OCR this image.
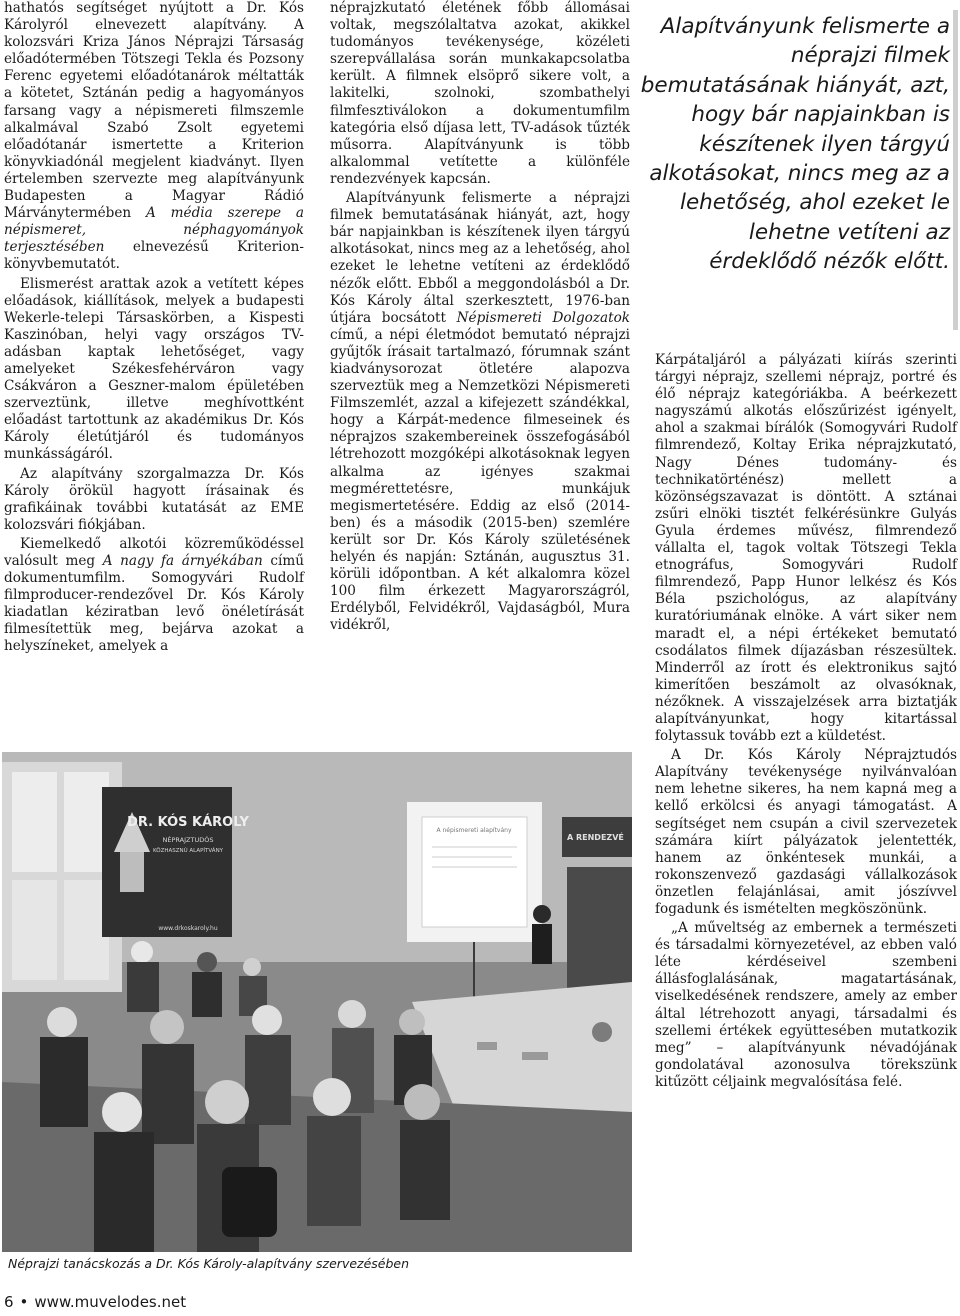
hathatós segítséget nyújtott a Dr. Kós Károlyról elnevezett alapítvány. A kolozsvári Kriza János Néprajzi Társaság előadótermében Tötszegi Tekla és Pozsony Ferenc egyetemi előadótanárok méltatták a kötetet, Sztánán pedig a hagyományos farsang vagy a népismereti filmszemle alkalmával Szabó Zsolt egyetemi előadótanár ismertette a Kriterion könyvkiadónál megjelent kiadványt. Ilyen értelemben szervezte meg alapítványunk Budapesten a Magyar Rádió Márványtermében A média szerepe a népismeret, néphagyományok terjesztésében elnevezésű Kriterion-könyvbemutatót.

Elismerést arattak azok a vetített képes előadások, kiállítások, melyek a budapesti Wekerle-telepi Társaskörben, a Kispesti Kaszinóban, helyi vagy országos TV-adásban kaptak lehetőséget, vagy amelyeket Székesfehérváron vagy Csákváron a Geszner-malom épületében szerveztünk, illetve meghívottként előadást tartottunk az akadémikus Dr. Kós Károly életútjáról és tudományos munkásságáról.

Az alapítvány szorgalmazza Dr. Kós Károly örökül hagyott írásainak és grafikáinak további kutatását az EME kolozsvári fiókjában.

Kiemelkedő alkotói közreműködéssel valósult meg A nagy fa árnyékában című dokumentumfilm. Somogyvári Rudolf filmproducer-rendezővel Dr. Kós Károly kiadatlan kéziratban levő önéletírását filmesítettük meg, bejárva azokat a helyszíneket, amelyek a

néprajzkutató életének főbb állomásai voltak, megszólaltatva azokat, akikkel tudományos tevékenysége, közéleti szerepvállalása során munkakapcsolatba került. A filmnek elsöprő sikere volt, a lakitelki, szolnoki, szombathelyi filmfesztiválokon a dokumentumfilm kategória első díjasa lett, TV-adások tűzték műsorra. Alapítványunk is több alkalommal vetítette a különféle rendezvények kapcsán.

Alapítványunk felismerte a néprajzi filmek bemutatásának hiányát, azt, hogy bár napjainkban is készítenek ilyen tárgyú alkotásokat, nincs meg az a lehetőség, ahol ezeket le lehetne vetíteni az érdeklődő nézők előtt. Ebből a meggondolásból a Dr. Kós Károly által szerkesztett, 1976-ban útjára bocsátott Népismereti Dolgozatok című, a népi életmódot bemutató néprajzi gyűjtők írásait tartalmazó, fórumnak szánt kiadványsorozat ötletére alapozva szerveztük meg a Nemzetközi Népismereti Filmszemlét, azzal a kifejezett szándékkal, hogy a Kárpát-medence filmeseinek és néprajzos szakembereinek összefogásából létrehozott mozgóképi alkotásoknak legyen alkalma az igényes szakmai megmérettetésre, munkájuk megismertetésére. Eddig az első (2014-ben) és a második (2015-ben) szemlére került sor Dr. Kós Károly születésének helyén és napján: Sztánán, augusztus 31. körüli időpontban. A két alkalomra közel 100 film érkezett Magyarországról, Erdélyből, Felvidékről, Vajdaságból, Mura vidékről,

Alapítványunk felismerte a néprajzi filmek bemutatásának hiányát, azt, hogy bár napjainkban is készítenek ilyen tárgyú alkotásokat, nincs meg az a lehetőség, ahol ezeket le lehetne vetíteni az érdeklődő nézők előtt.

Kárpátaljáról a pályázati kiírás szerinti tárgyi néprajz, szellemi néprajz, portré és élő néprajz kategóriákba. A beérkezett nagyszámú alkotás előszűrizést igényelt, ahol a szakmai bírálók (Somogyvári Rudolf filmrendező, Koltay Erika néprajzkutató, Nagy Dénes tudomány- és technikatörténész) mellett a közönségszavazat is döntött. A sztánai zsűri elnöki tisztét felkérésünkre Gulyás Gyula érdemes művész, filmrendező vállalta el, tagok voltak Tötszegi Tekla etnográfus, Somogyvári Rudolf filmrendező, Papp Hunor lelkész és Kós Béla pszichológus, az alapítvány kuratóriumának elnöke. A várt siker nem maradt el, a népi értékeket bemutató csodálatos filmek díjazásban részesültek. Minderről az írott és elektronikus sajtó kimerítően beszámolt az olvasóknak, nézőknek. A visszajelzések arra biztatják alapítványunkat, hogy kitartással folytassuk tovább ezt a küldetést.

A Dr. Kós Károly Néprajztudós Alapítvány tevékenysége nyilvánvalóan nem lehetne sikeres, ha nem kapná meg a kellő erkölcsi és anyagi támogatást. A segítséget nem csupán a civil szervezetek számára kiírt pályázatok jelentették, hanem az önkéntesek munkái, a rokonszenvező gazdasági vállalkozások önzetlen felajánlásai, amit jószívvel fogadunk és ismételten megköszönünk.

„A műveltség az embernek a természeti és társadalmi környezetével, az ebben való léte kérdéseivel szembeni állásfoglalásának, magatartásának, viselkedésének rendszere, amely az ember által létrehozott anyagi, társadalmi és szellemi értékek együttesében mutatkozik meg” – alapítványunk névadójának gondolatával azonosulva törekszünk kitűzött céljaink megvalósítása felé.

DR. KÓS KÁROLY
NÉPRAJZTUDÓS
KÖZHASZNÚ ALAPÍTVÁNY
www.drkoskaroly.hu
A népismereti alapítvány
A RENDEZVÉ
Néprajzi tanácskozás a Dr. Kós Károly-alapítvány szervezésében
6 • www.muvelodes.net
